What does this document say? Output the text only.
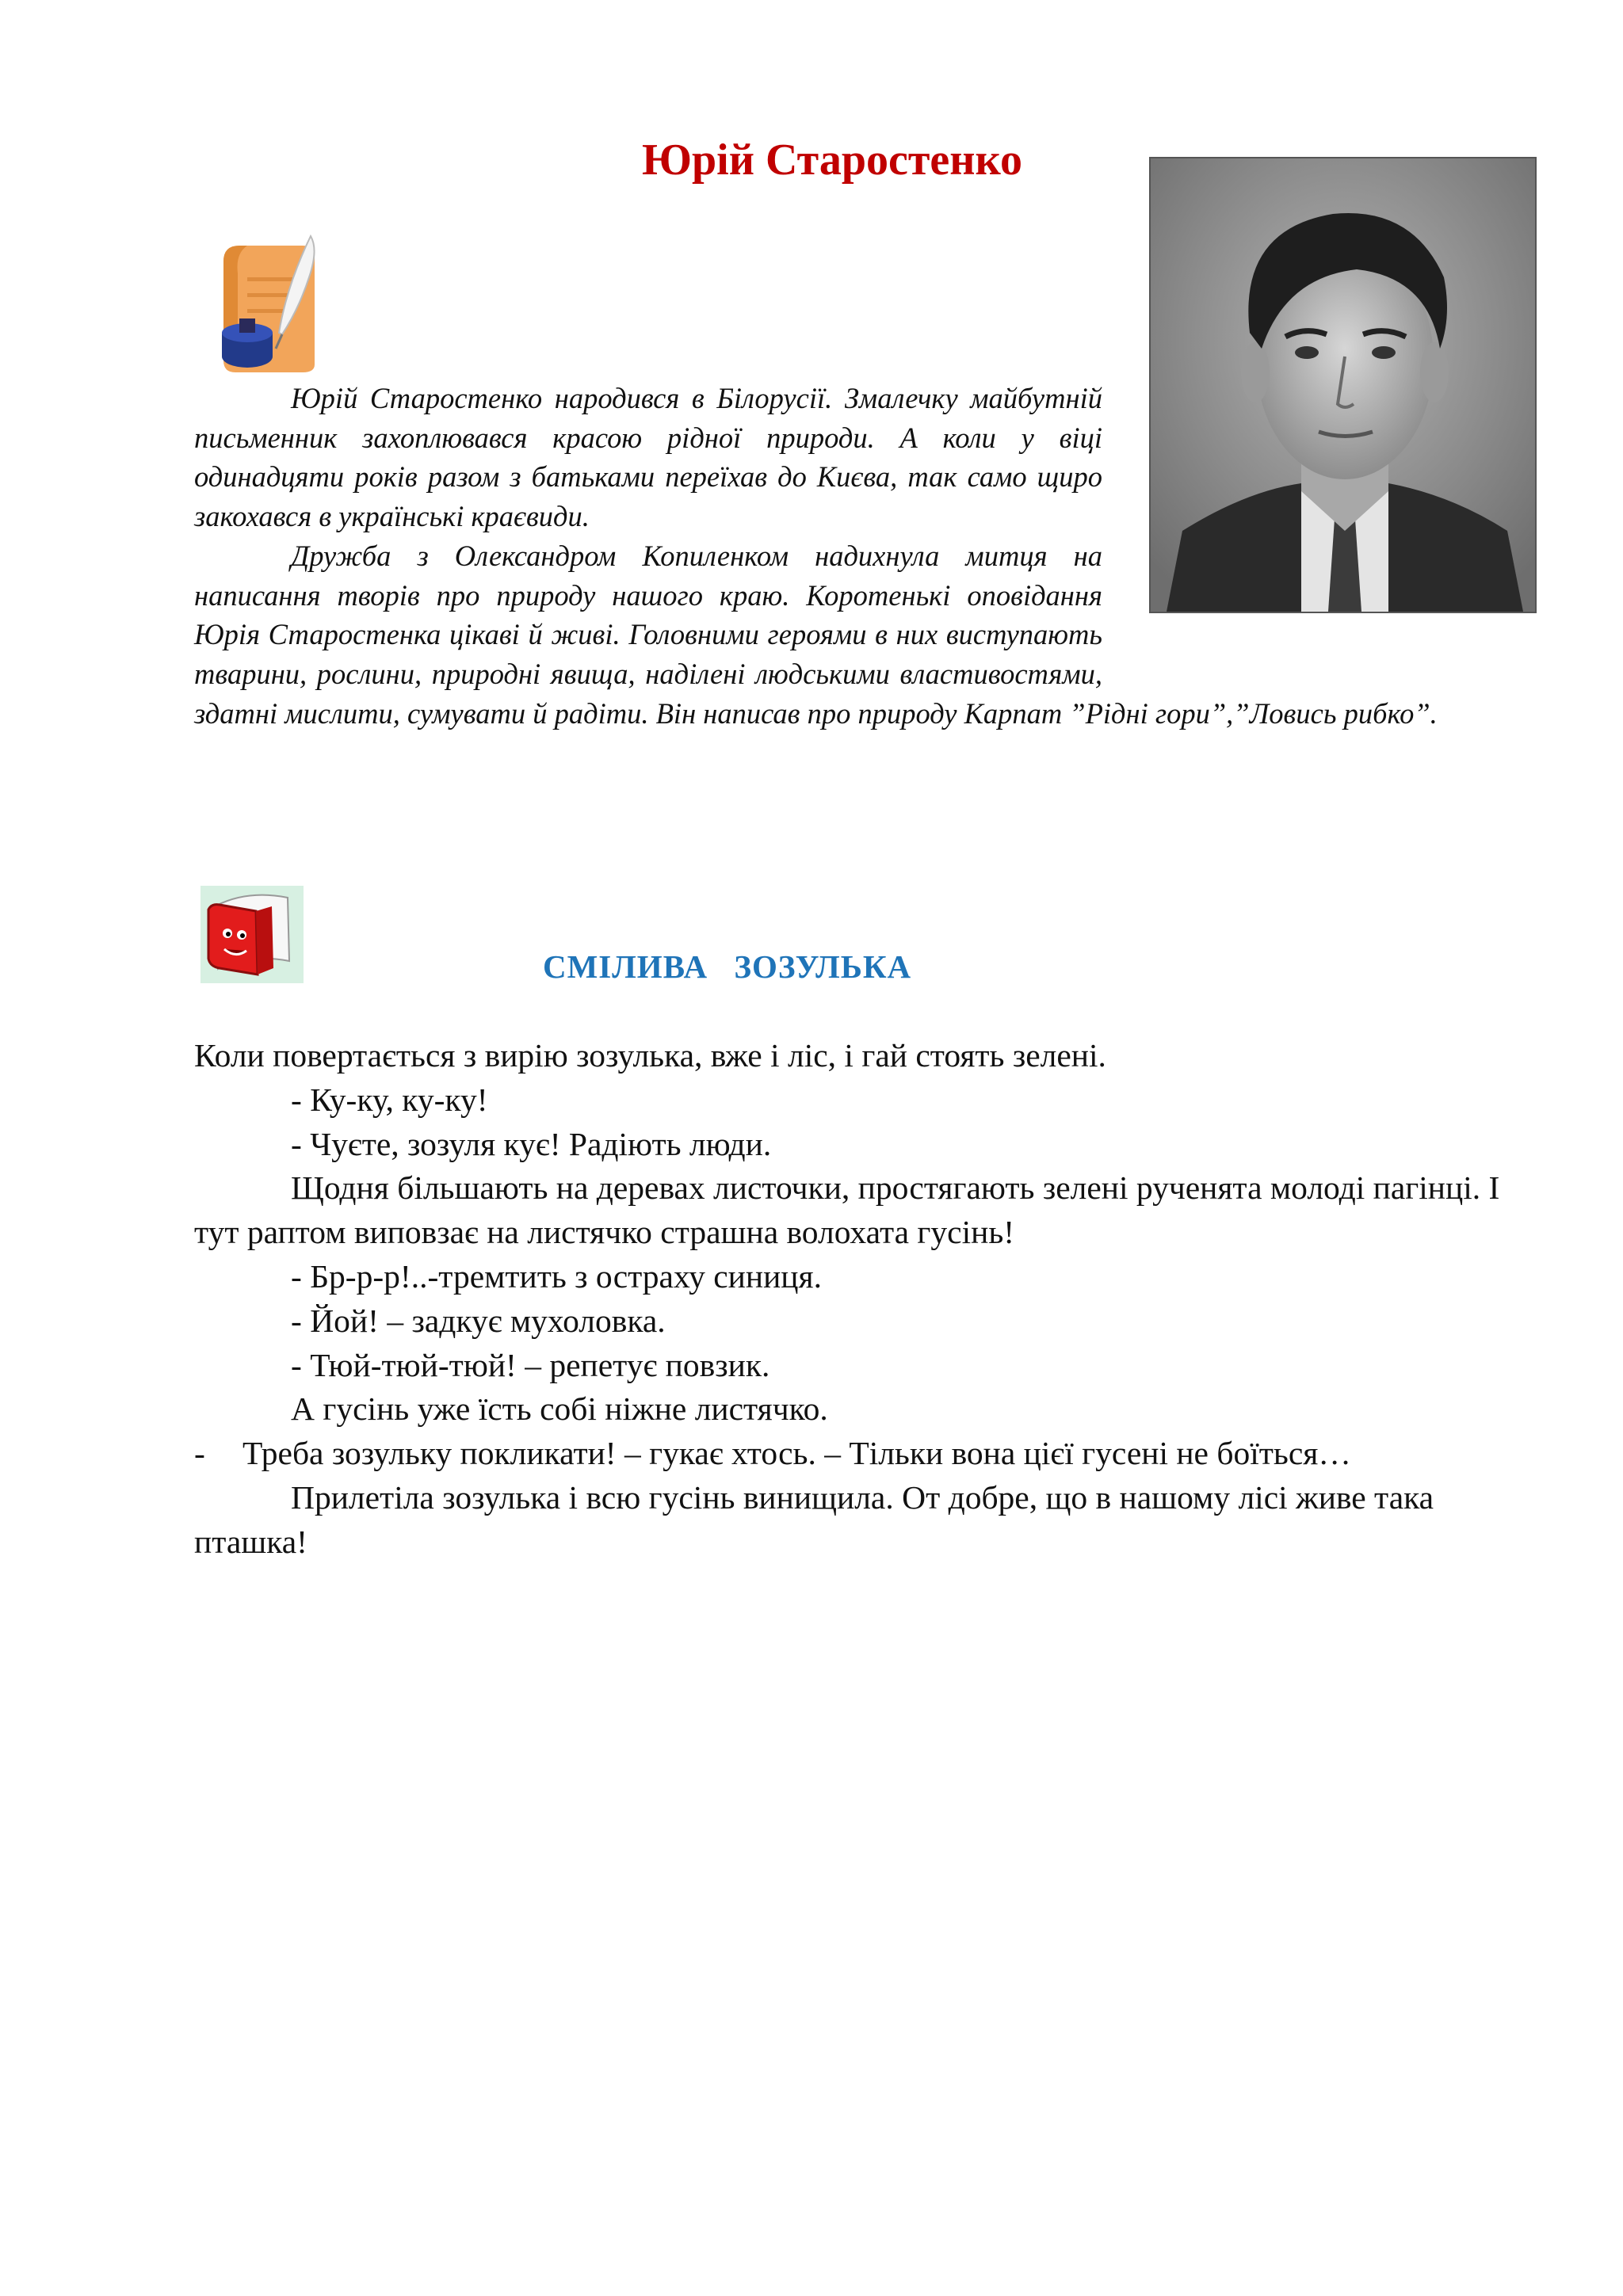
Юрій Старостенко

Юрій Старостенко народився в Білорусії. Змалечку майбутній письменник захоплювався красою рідної природи. А коли у віці одинадцяти років разом з батьками переїхав до Києва, так само щиро закохався в українські краєвиди.

Дружба з Олександром Копиленком надихнула митця на написання творів про природу нашого краю. Коротенькі оповідання Юрія Старостенка цікаві й живі. Головними героями в них виступають тварини, рослини, природні явища, наділені людськими властивостями, здатні мислити, сумувати й радіти. Він написав про природу Карпат ”Рідні гори”,”Ловись рибко”.

СМІЛИВА ЗОЗУЛЬКА

Коли повертається з вирію зозулька, вже і ліс, і гай стоять зелені.

- Ку-ку, ку-ку!

- Чуєте, зозуля кує! Радіють люди.

Щодня більшають на деревах листочки, простягають зелені рученята молоді пагінці. І тут раптом виповзає на листячко страшна волохата гусінь!

- Бр-р-р!..-тремтить з остраху синиця.

- Йой! – задкує мухоловка.

- Тюй-тюй-тюй! – репетує повзик.

А гусінь уже їсть собі ніжне листячко.

-	Треба зозульку покликати! – гукає хтось. – Тільки вона цієї гусені не боїться…

Прилетіла зозулька і всю гусінь винищила. От добре, що в нашому лісі живе така пташка!
